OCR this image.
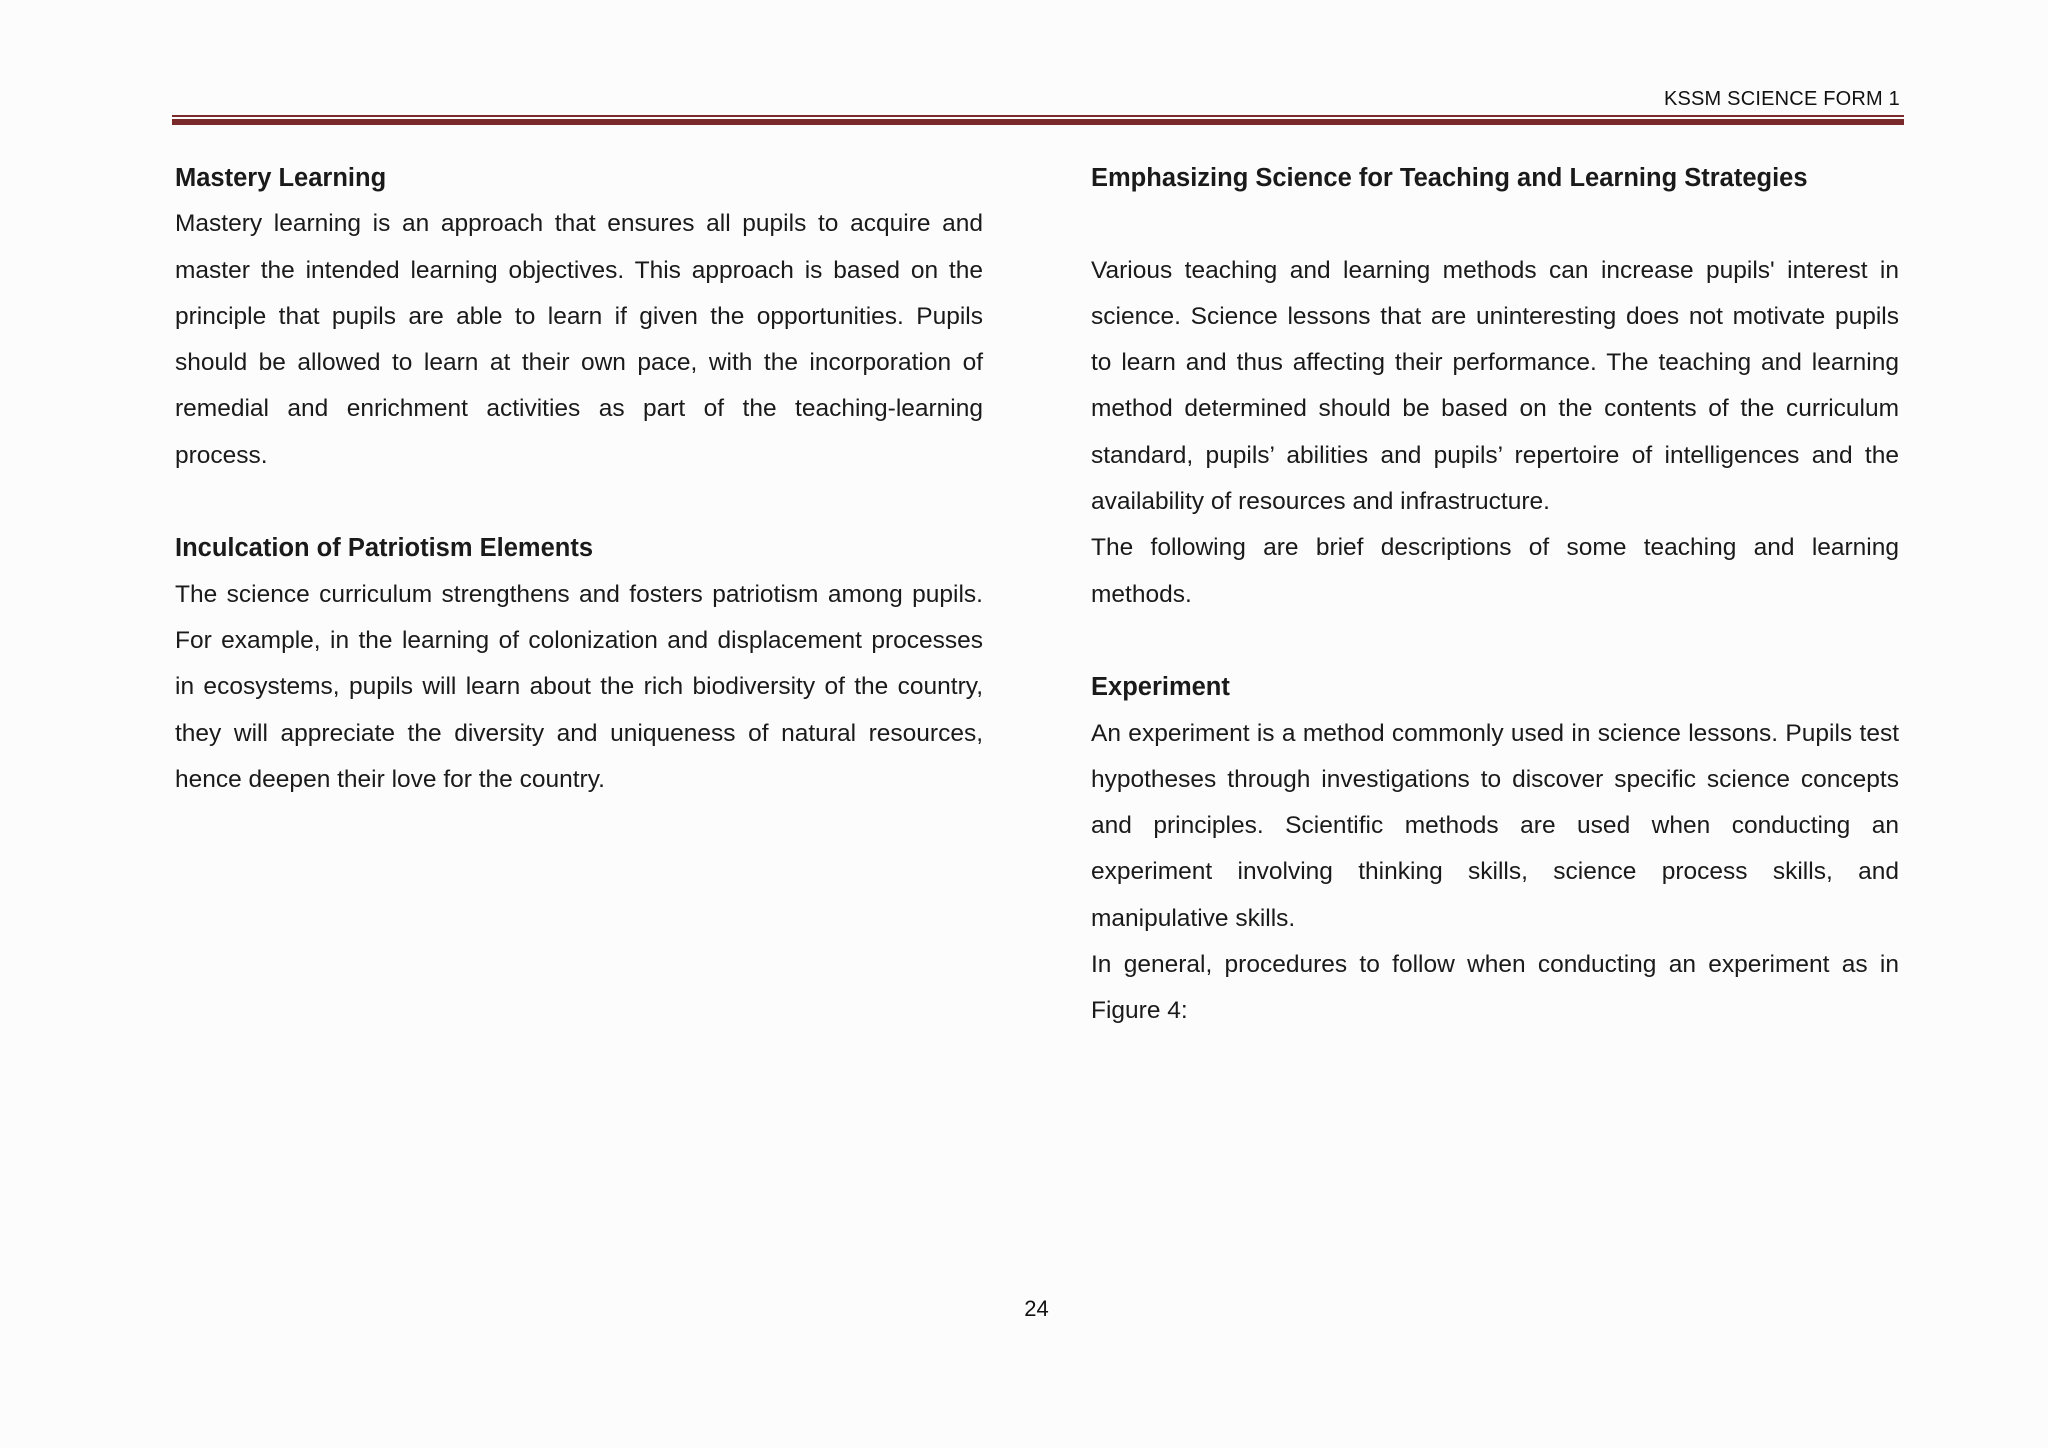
KSSM SCIENCE FORM 1
Mastery Learning

Mastery learning is an approach that ensures all pupils to acquire and master the intended learning objectives. This approach is based on the principle that pupils are able to learn if given the opportunities. Pupils should be allowed to learn at their own pace, with the incorporation of remedial and enrichment activities as part of the teaching-learning process.

Inculcation of Patriotism Elements

The science curriculum strengthens and fosters patriotism among pupils. For example, in the learning of colonization and displacement processes in ecosystems, pupils will learn about the rich biodiversity of the country, they will appreciate the diversity and uniqueness of natural resources, hence deepen their love for the country.

Emphasizing Science for Teaching and Learning Strategies

Various teaching and learning methods can increase pupils' interest in science. Science lessons that are uninteresting does not motivate pupils to learn and thus affecting their performance. The teaching and learning method determined should be based on the contents of the curriculum standard, pupils’ abilities and pupils’ repertoire of intelligences and the availability of resources and infrastructure.

The following are brief descriptions of some teaching and learning methods.

Experiment

An experiment is a method commonly used in science lessons. Pupils test hypotheses through investigations to discover specific science concepts and principles. Scientific methods are used when conducting an experiment involving thinking skills, science process skills, and manipulative skills.

In general, procedures to follow when conducting an experiment as in Figure 4:

24
